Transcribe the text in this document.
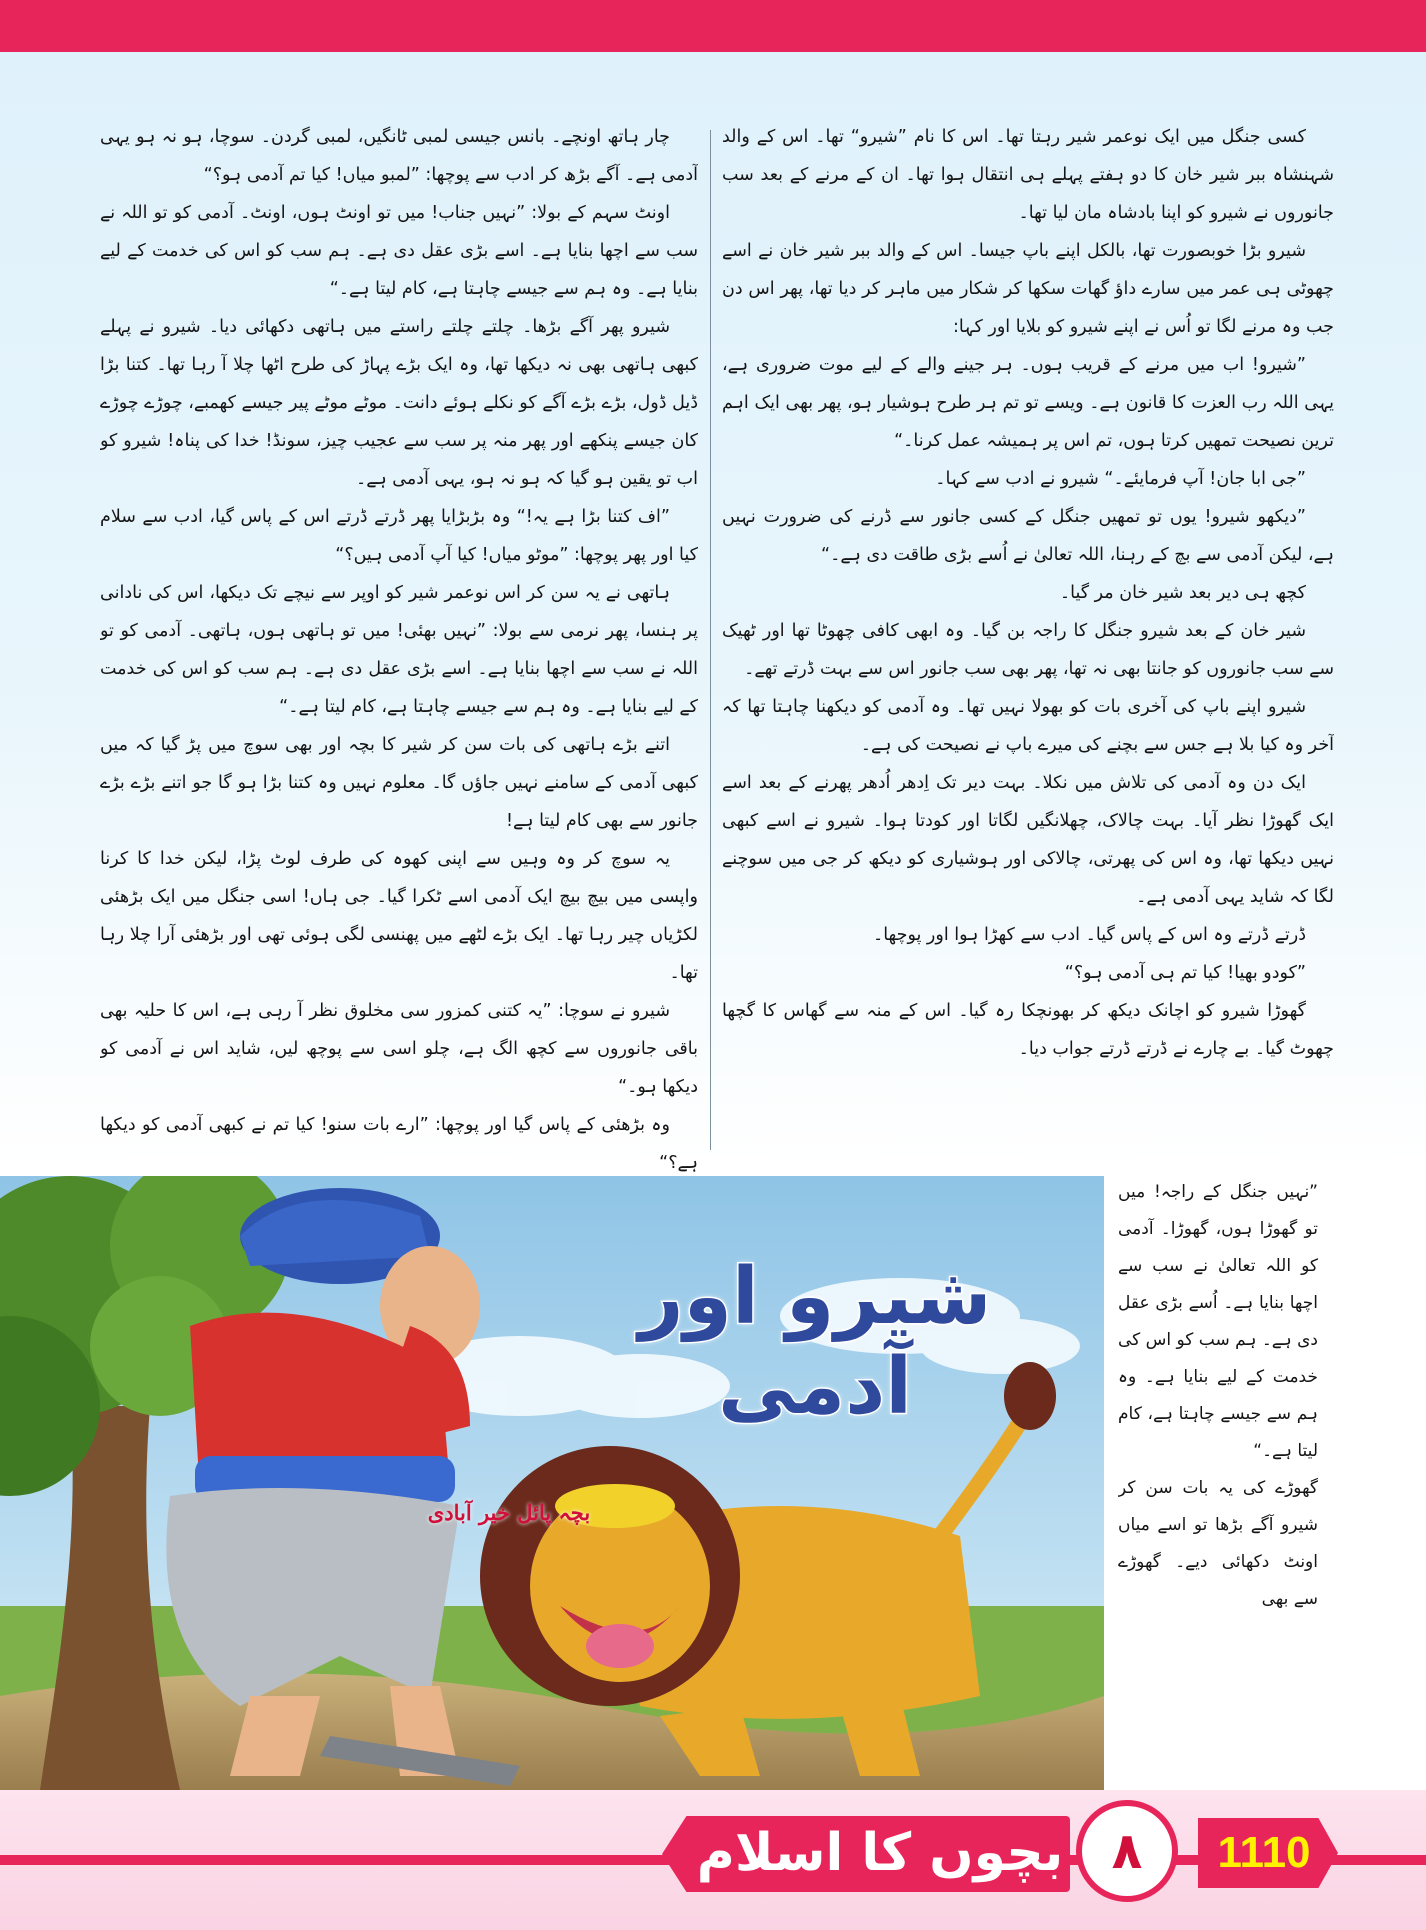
کسی جنگل میں ایک نوعمر شیر رہتا تھا۔ اس کا نام ”شیرو“ تھا۔ اس کے والد شہنشاہ ببر شیر خان کا دو ہفتے پہلے ہی انتقال ہوا تھا۔ ان کے مرنے کے بعد سب جانوروں نے شیرو کو اپنا بادشاہ مان لیا تھا۔

شیرو بڑا خوبصورت تھا، بالکل اپنے باپ جیسا۔ اس کے والد ببر شیر خان نے اسے چھوٹی ہی عمر میں سارے داؤ گھات سکھا کر شکار میں ماہر کر دیا تھا، پھر اس دن جب وہ مرنے لگا تو اُس نے اپنے شیرو کو بلایا اور کہا:

”شیرو! اب میں مرنے کے قریب ہوں۔ ہر جینے والے کے لیے موت ضروری ہے، یہی اللہ رب العزت کا قانون ہے۔ ویسے تو تم ہر طرح ہوشیار ہو، پھر بھی ایک اہم ترین نصیحت تمھیں کرتا ہوں، تم اس پر ہمیشہ عمل کرنا۔“

”جی ابا جان! آپ فرمایئے۔“ شیرو نے ادب سے کہا۔

”دیکھو شیرو! یوں تو تمھیں جنگل کے کسی جانور سے ڈرنے کی ضرورت نہیں ہے، لیکن آدمی سے بچ کے رہنا، اللہ تعالیٰ نے اُسے بڑی طاقت دی ہے۔“

کچھ ہی دیر بعد شیر خان مر گیا۔

شیر خان کے بعد شیرو جنگل کا راجہ بن گیا۔ وہ ابھی کافی چھوٹا تھا اور ٹھیک سے سب جانوروں کو جانتا بھی نہ تھا، پھر بھی سب جانور اس سے بہت ڈرتے تھے۔

شیرو اپنے باپ کی آخری بات کو بھولا نہیں تھا۔ وہ آدمی کو دیکھنا چاہتا تھا کہ آخر وہ کیا بلا ہے جس سے بچنے کی میرے باپ نے نصیحت کی ہے۔

ایک دن وہ آدمی کی تلاش میں نکلا۔ بہت دیر تک اِدھر اُدھر پھرنے کے بعد اسے ایک گھوڑا نظر آیا۔ بہت چالاک، چھلانگیں لگاتا اور کودتا ہوا۔ شیرو نے اسے کبھی نہیں دیکھا تھا، وہ اس کی پھرتی، چالاکی اور ہوشیاری کو دیکھ کر جی میں سوچنے لگا کہ شاید یہی آدمی ہے۔

ڈرتے ڈرتے وہ اس کے پاس گیا۔ ادب سے کھڑا ہوا اور پوچھا۔

”کودو بھیا! کیا تم ہی آدمی ہو؟“

گھوڑا شیرو کو اچانک دیکھ کر بھونچکا رہ گیا۔ اس کے منہ سے گھاس کا گچھا چھوٹ گیا۔ بے چارے نے ڈرتے ڈرتے جواب دیا۔

چار ہاتھ اونچے۔ بانس جیسی لمبی ٹانگیں، لمبی گردن۔ سوچا، ہو نہ ہو یہی آدمی ہے۔ آگے بڑھ کر ادب سے پوچھا: ”لمبو میاں! کیا تم آدمی ہو؟“

اونٹ سہم کے بولا: ”نہیں جناب! میں تو اونٹ ہوں، اونٹ۔ آدمی کو تو اللہ نے سب سے اچھا بنایا ہے۔ اسے بڑی عقل دی ہے۔ ہم سب کو اس کی خدمت کے لیے بنایا ہے۔ وہ ہم سے جیسے چاہتا ہے، کام لیتا ہے۔“

شیرو پھر آگے بڑھا۔ چلتے چلتے راستے میں ہاتھی دکھائی دیا۔ شیرو نے پہلے کبھی ہاتھی بھی نہ دیکھا تھا، وہ ایک بڑے پہاڑ کی طرح اٹھا چلا آ رہا تھا۔ کتنا بڑا ڈیل ڈول، بڑے بڑے آگے کو نکلے ہوئے دانت۔ موٹے موٹے پیر جیسے کھمبے، چوڑے چوڑے کان جیسے پنکھے اور پھر منہ پر سب سے عجیب چیز، سونڈ! خدا کی پناہ! شیرو کو اب تو یقین ہو گیا کہ ہو نہ ہو، یہی آدمی ہے۔

”اف کتنا بڑا ہے یہ!“ وہ بڑبڑایا پھر ڈرتے ڈرتے اس کے پاس گیا، ادب سے سلام کیا اور پھر پوچھا: ”موٹو میاں! کیا آپ آدمی ہیں؟“

ہاتھی نے یہ سن کر اس نوعمر شیر کو اوپر سے نیچے تک دیکھا، اس کی نادانی پر ہنسا، پھر نرمی سے بولا: ”نہیں بھئی! میں تو ہاتھی ہوں، ہاتھی۔ آدمی کو تو اللہ نے سب سے اچھا بنایا ہے۔ اسے بڑی عقل دی ہے۔ ہم سب کو اس کی خدمت کے لیے بنایا ہے۔ وہ ہم سے جیسے چاہتا ہے، کام لیتا ہے۔“

اتنے بڑے ہاتھی کی بات سن کر شیر کا بچہ اور بھی سوچ میں پڑ گیا کہ میں کبھی آدمی کے سامنے نہیں جاؤں گا۔ معلوم نہیں وہ کتنا بڑا ہو گا جو اتنے بڑے بڑے جانور سے بھی کام لیتا ہے!

یہ سوچ کر وہ وہیں سے اپنی کھوہ کی طرف لوٹ پڑا، لیکن خدا کا کرنا واپسی میں بیچ بیچ ایک آدمی اسے ٹکرا گیا۔ جی ہاں! اسی جنگل میں ایک بڑھئی لکڑیاں چیر رہا تھا۔ ایک بڑے لٹھے میں پھنسی لگی ہوئی تھی اور بڑھئی آرا چلا رہا تھا۔

شیرو نے سوچا: ”یہ کتنی کمزور سی مخلوق نظر آ رہی ہے، اس کا حلیہ بھی باقی جانوروں سے کچھ الگ ہے، چلو اسی سے پوچھ لیں، شاید اس نے آدمی کو دیکھا ہو۔“

وہ بڑھئی کے پاس گیا اور پوچھا: ”ارے بات سنو! کیا تم نے کبھی آدمی کو دیکھا ہے؟“

شیرو اور آدمی
بچہ پائل خیر آبادی

”نہیں جنگل کے راجہ! میں تو گھوڑا ہوں، گھوڑا۔ آدمی کو اللہ تعالیٰ نے سب سے اچھا بنایا ہے۔ اُسے بڑی عقل دی ہے۔ ہم سب کو اس کی خدمت کے لیے بنایا ہے۔ وہ ہم سے جیسے چاہتا ہے، کام لیتا ہے۔“

گھوڑے کی یہ بات سن کر شیرو آگے بڑھا تو اسے میاں اونٹ دکھائی دیے۔ گھوڑے سے بھی

بچوں کا اسلام ۸	1110
